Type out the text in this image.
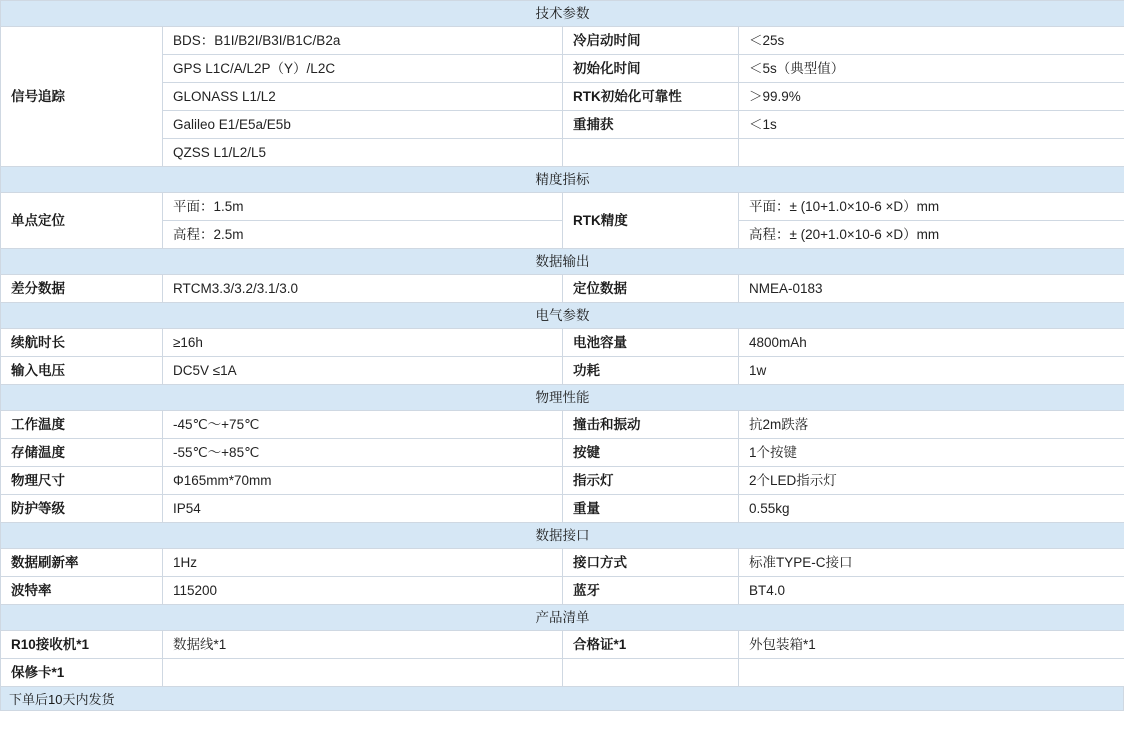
技术参数			
信号追踪	BDS：B1I/B2I/B3I/B1C/B2a	冷启动时间	＜25s
	GPS L1C/A/L2P（Y）/L2C	初始化时间	＜5s（典型值）
	GLONASS L1/L2	RTK初始化可靠性	＞99.9%
	Galileo E1/E5a/E5b	重捕获	＜1s
	QZSS L1/L2/L5		
精度指标			
单点定位	平面：1.5m	RTK精度	平面：± (10+1.0×10-6 ×D）mm
	高程：2.5m		高程：± (20+1.0×10-6 ×D）mm
数据输出			
差分数据	RTCM3.3/3.2/3.1/3.0	定位数据	NMEA-0183
电气参数			
续航时长	≥16h	电池容量	4800mAh
输入电压	DC5V ≤1A	功耗	1w
物理性能			
工作温度	-45℃～+75℃	撞击和振动	抗2m跌落
存储温度	-55℃～+85℃	按键	1个按键
物理尺寸	Φ165mm*70mm	指示灯	2个LED指示灯
防护等级	IP54	重量	0.55kg
数据接口			
数据刷新率	1Hz	接口方式	标准TYPE-C接口
波特率	115200	蓝牙	BT4.0
产品清单			
R10接收机*1	数据线*1	合格证*1	外包装箱*1
保修卡*1			
下单后10天内发货
